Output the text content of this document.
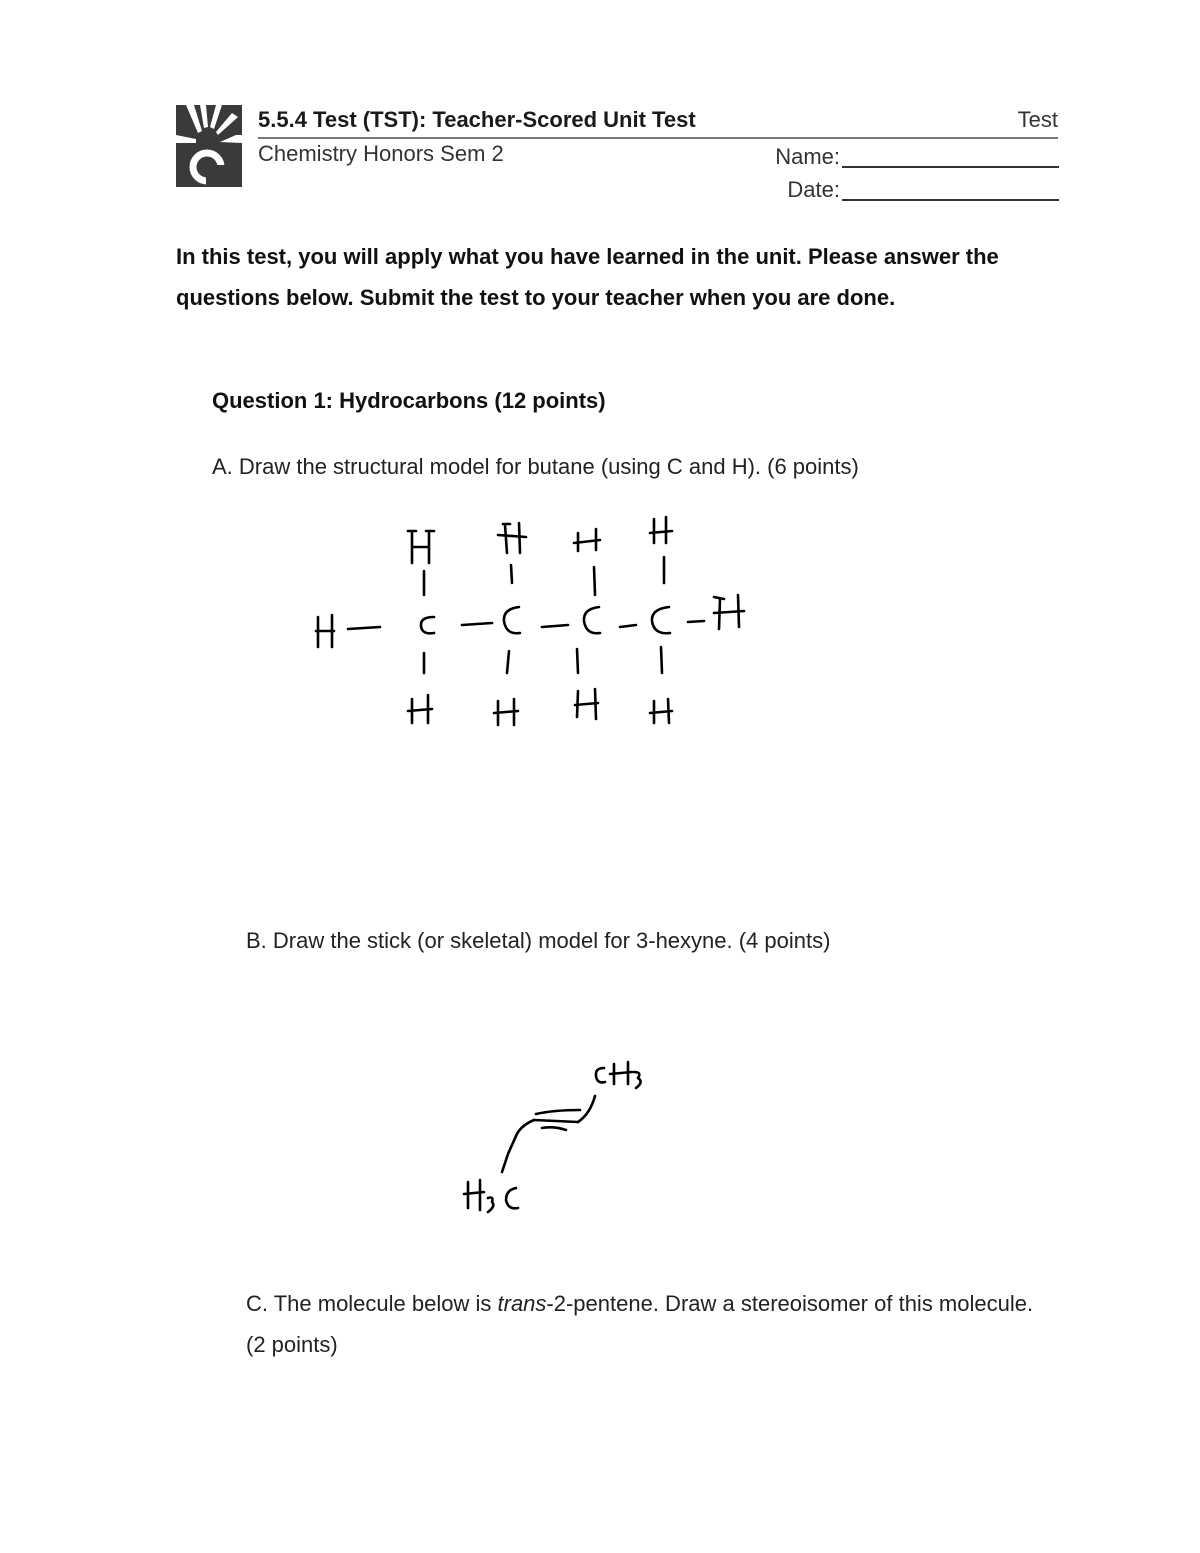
5.5.4 Test (TST): Teacher-Scored Unit Test	Test
Chemistry Honors Sem 2	Name:
Date:
In this test, you will apply what you have learned in the unit. Please answer the questions below. Submit the test to your teacher when you are done.
Question 1: Hydrocarbons (12 points)
A. Draw the structural model for butane (using C and H). (6 points)
B. Draw the stick (or skeletal) model for 3-hexyne. (4 points)
C. The molecule below is trans-2-pentene. Draw a stereoisomer of this molecule. (2 points)
